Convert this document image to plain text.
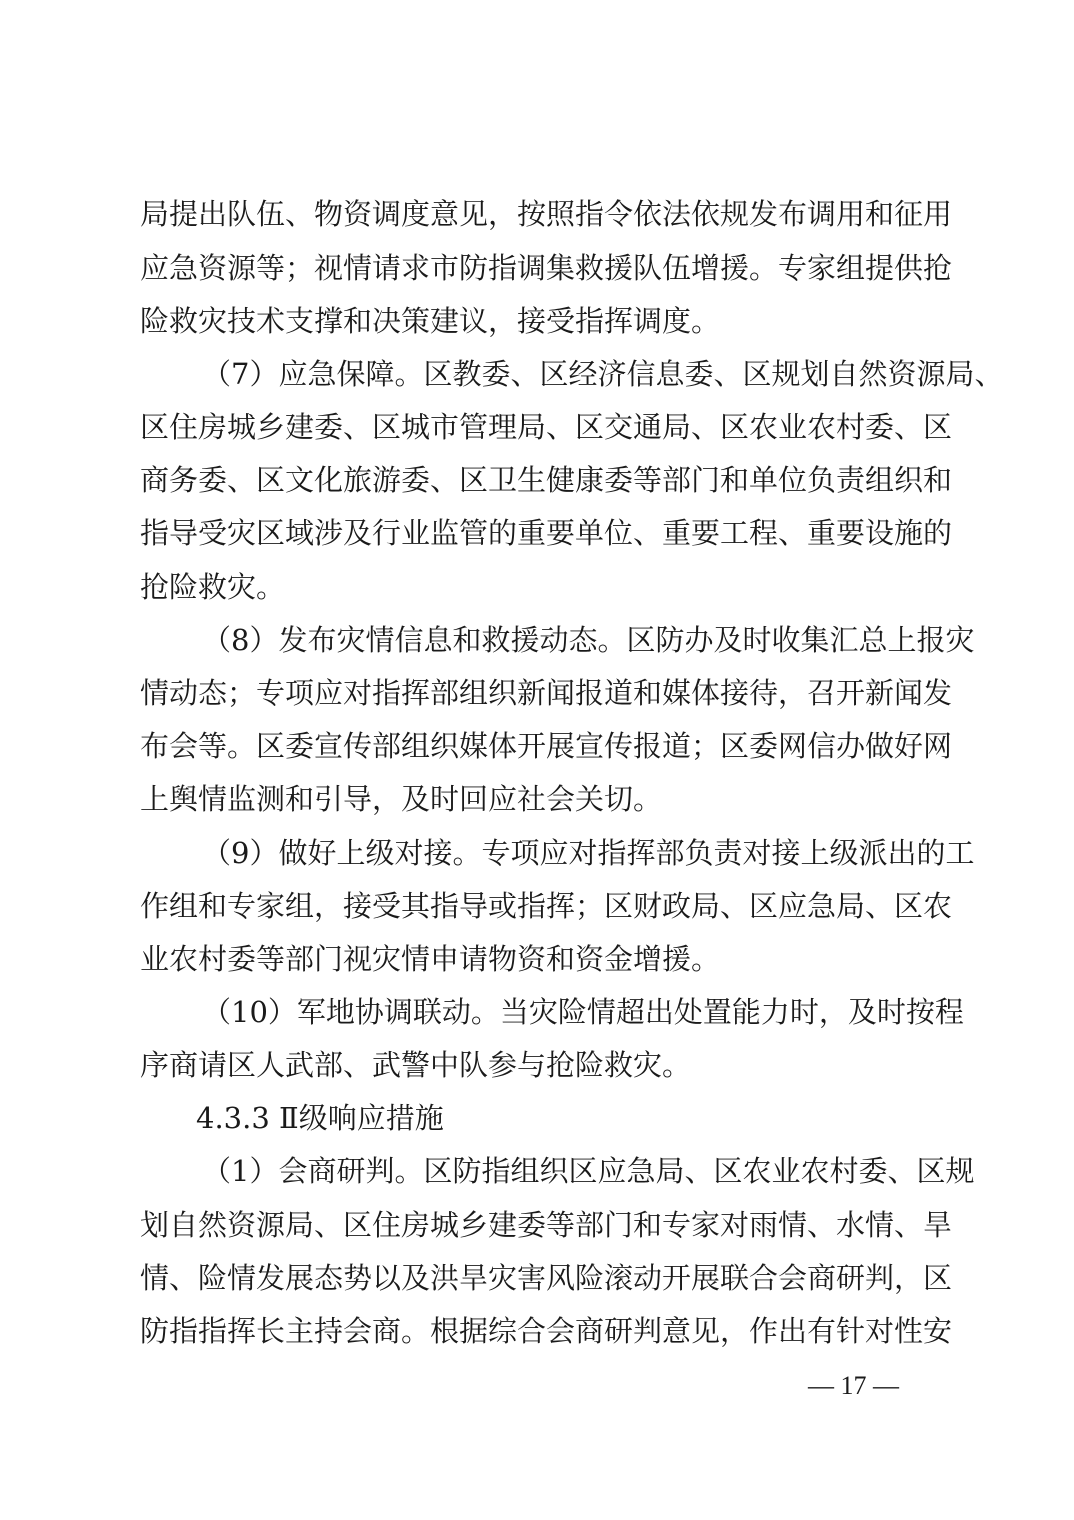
局提出队伍、物资调度意见，按照指令依法依规发布调用和征用
应急资源等；视情请求市防指调集救援队伍增援。专家组提供抢
险救灾技术支撑和决策建议，接受指挥调度。
（7）应急保障。区教委、区经济信息委、区规划自然资源局、
区住房城乡建委、区城市管理局、区交通局、区农业农村委、区
商务委、区文化旅游委、区卫生健康委等部门和单位负责组织和
指导受灾区域涉及行业监管的重要单位、重要工程、重要设施的
抢险救灾。
（8）发布灾情信息和救援动态。区防办及时收集汇总上报灾
情动态；专项应对指挥部组织新闻报道和媒体接待，召开新闻发
布会等。区委宣传部组织媒体开展宣传报道；区委网信办做好网
上舆情监测和引导，及时回应社会关切。
（9）做好上级对接。专项应对指挥部负责对接上级派出的工
作组和专家组，接受其指导或指挥；区财政局、区应急局、区农
业农村委等部门视灾情申请物资和资金增援。
（10）军地协调联动。当灾险情超出处置能力时，及时按程
序商请区人武部、武警中队参与抢险救灾。
4.3.3 Ⅱ级响应措施
（1）会商研判。区防指组织区应急局、区农业农村委、区规
划自然资源局、区住房城乡建委等部门和专家对雨情、水情、旱
情、险情发展态势以及洪旱灾害风险滚动开展联合会商研判，区
防指指挥长主持会商。根据综合会商研判意见，作出有针对性安
— 17 —
